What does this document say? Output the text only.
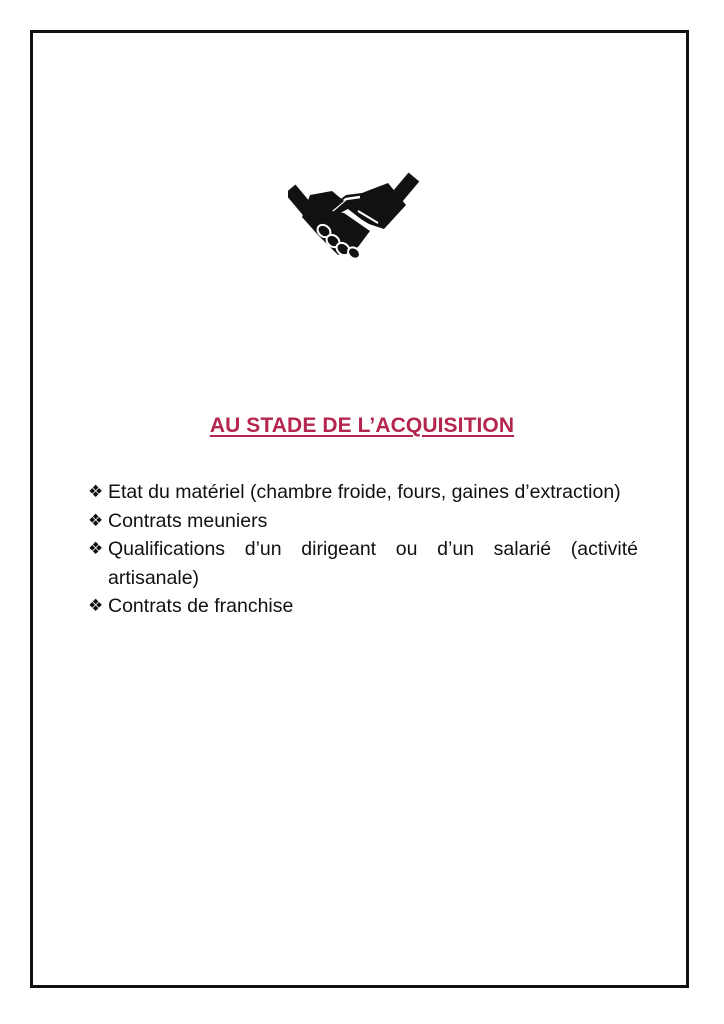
AU STADE DE L’ACQUISITION
❖ Etat du matériel (chambre froide, fours, gaines d’extraction)
❖ Contrats meuniers
❖ Qualifications d’un dirigeant ou d’un salarié (activité artisanale)
❖ Contrats de franchise
